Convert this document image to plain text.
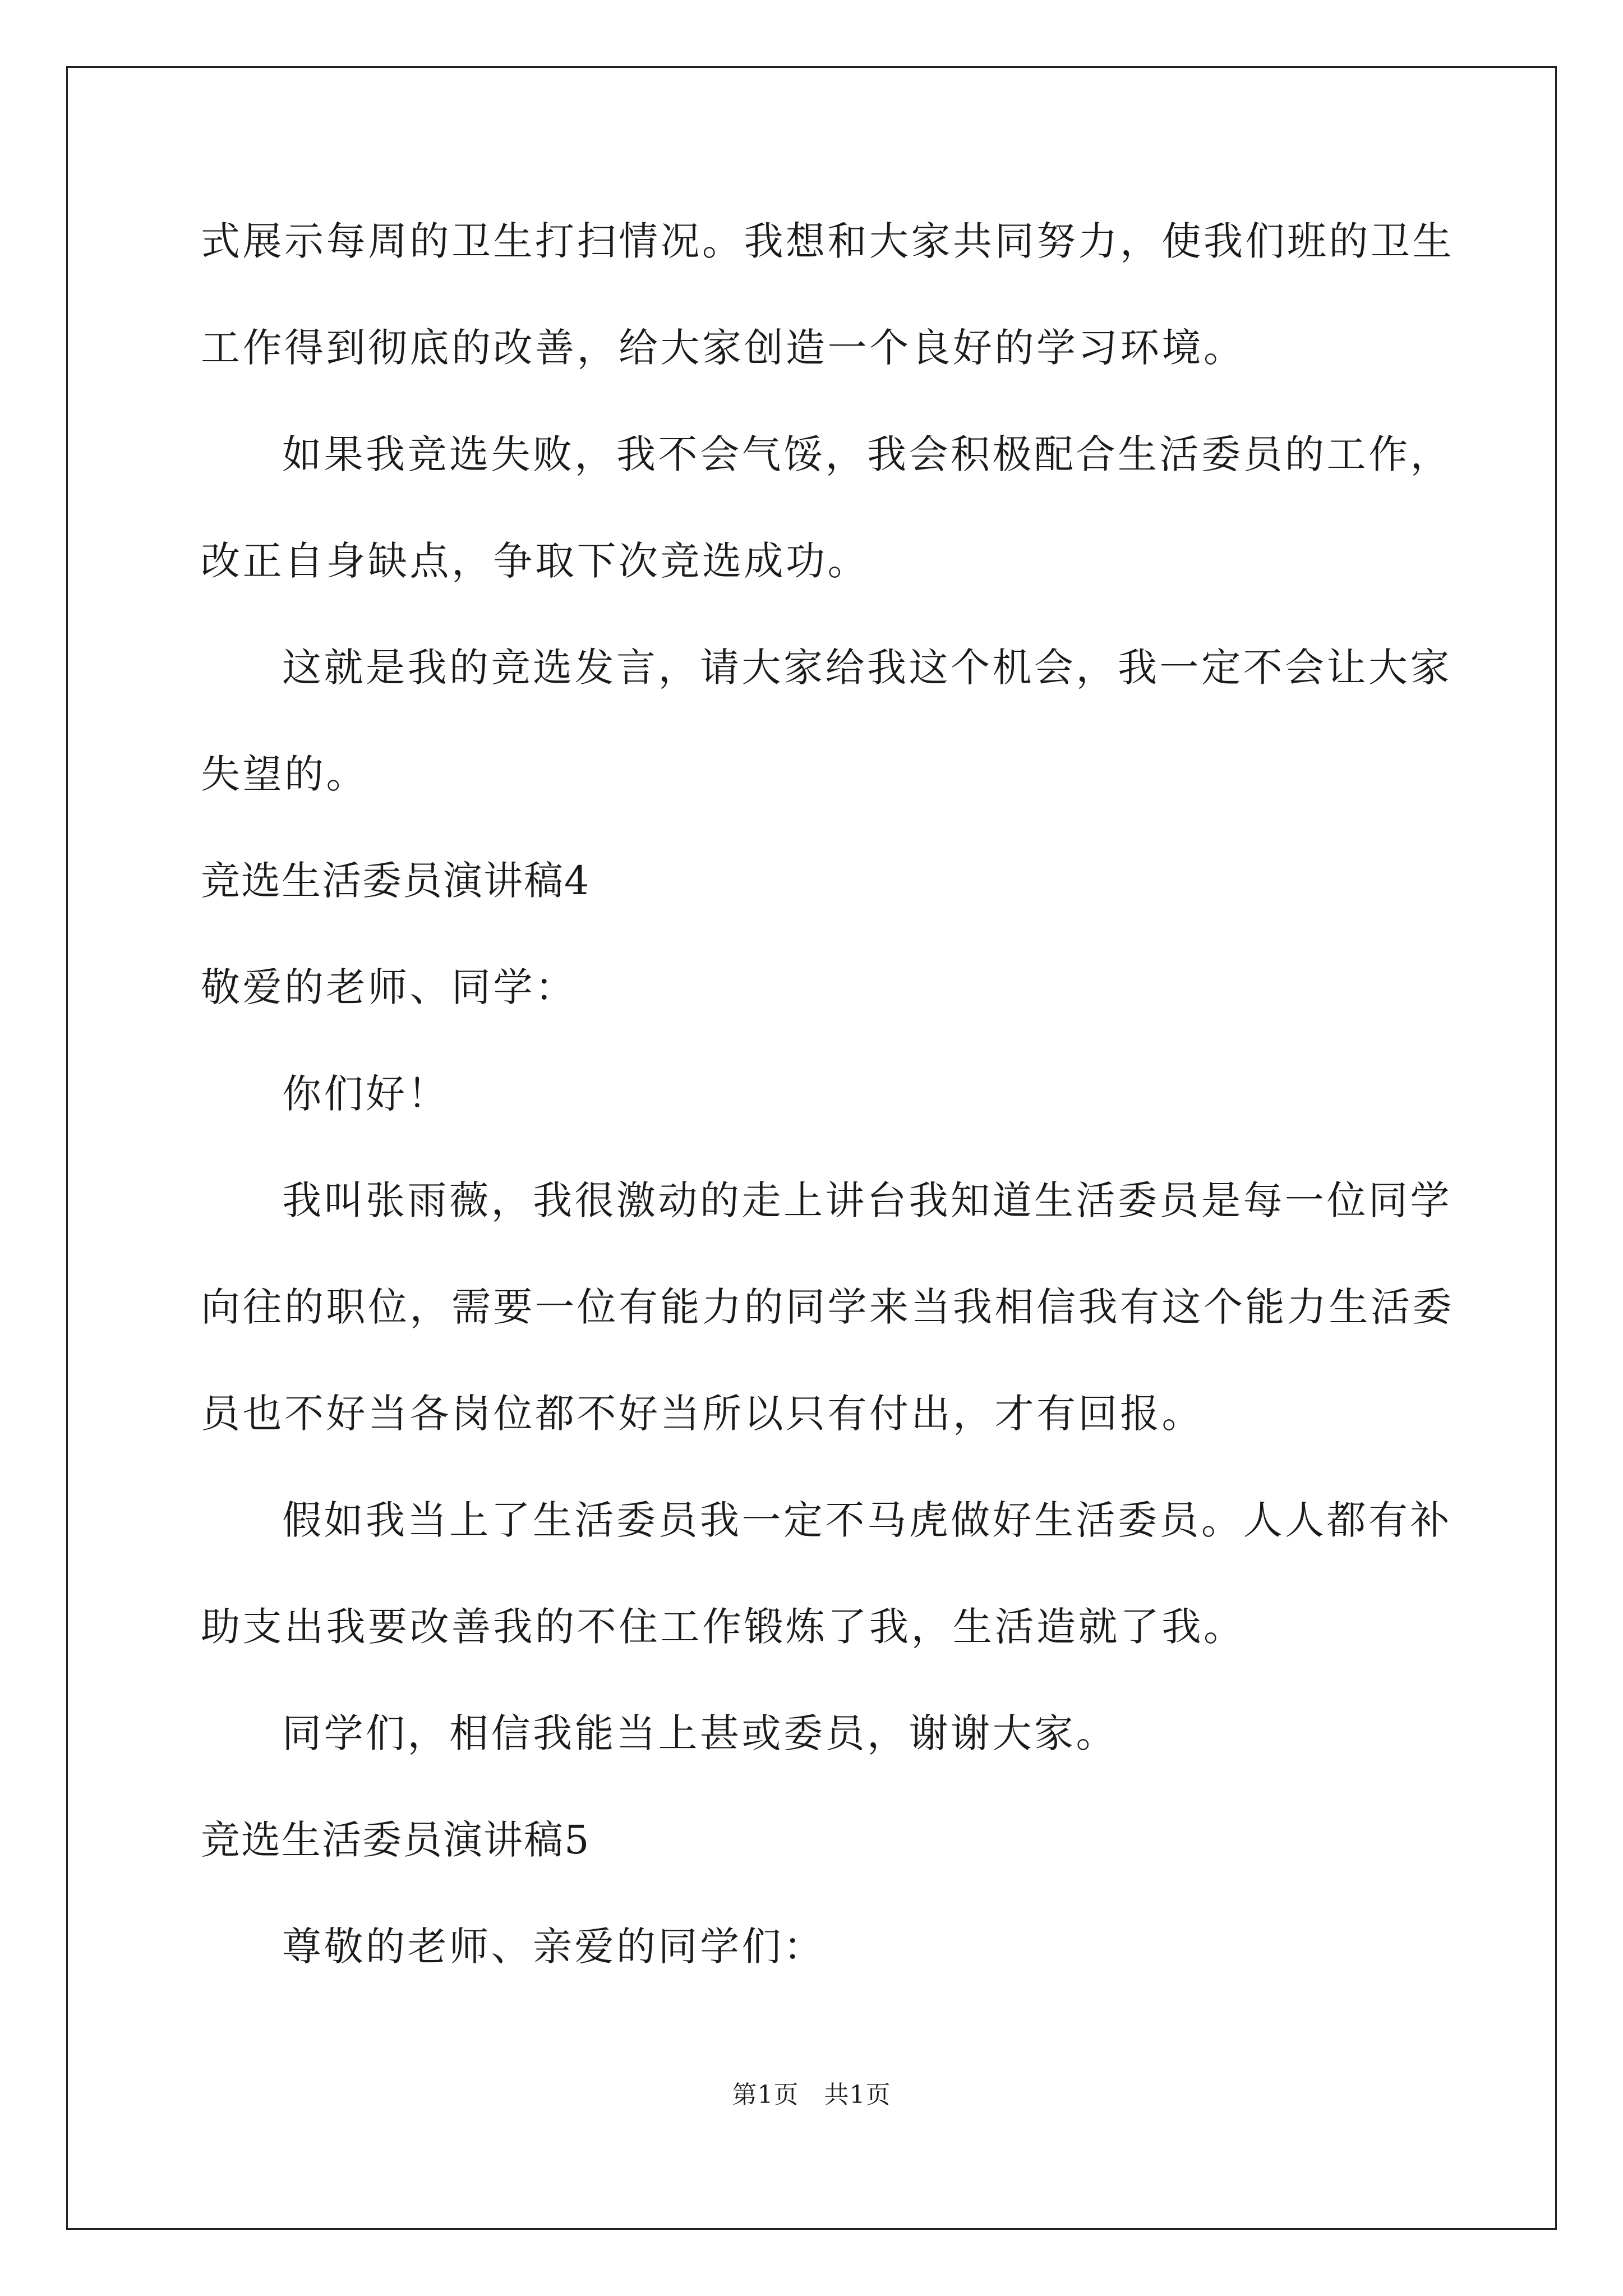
式展示每周的卫生打扫情况。我想和大家共同努力，使我们班的卫生
工作得到彻底的改善，给大家创造一个良好的学习环境。
如果我竞选失败，我不会气馁，我会积极配合生活委员的工作，
改正自身缺点，争取下次竞选成功。
这就是我的竞选发言，请大家给我这个机会，我一定不会让大家
失望的。
竞选生活委员演讲稿4
敬爱的老师、同学：
你们好！
我叫张雨薇，我很激动的走上讲台我知道生活委员是每一位同学
向往的职位，需要一位有能力的同学来当我相信我有这个能力生活委
员也不好当各岗位都不好当所以只有付出，才有回报。
假如我当上了生活委员我一定不马虎做好生活委员。人人都有补
助支出我要改善我的不住工作锻炼了我，生活造就了我。
同学们，相信我能当上甚或委员，谢谢大家。
竞选生活委员演讲稿5
尊敬的老师、亲爱的同学们：
第1页　共1页
